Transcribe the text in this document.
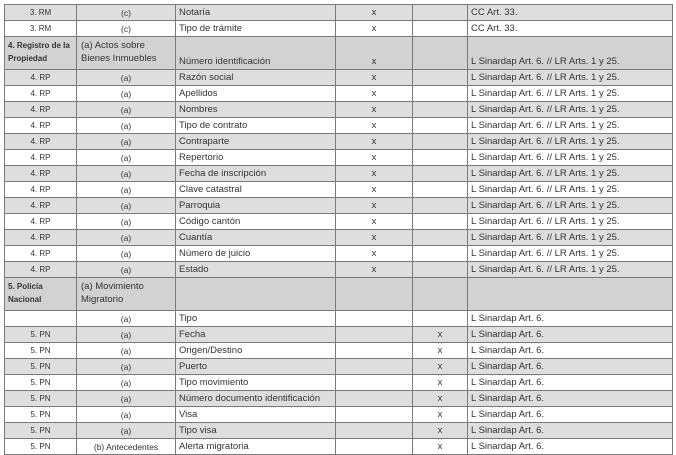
3. RM	(c)	Notaría	x		CC Art. 33.
3. RM	(c)	Tipo de trámite	x		CC Art. 33.
4. Registro de la Propiedad	(a) Actos sobre Bienes Inmuebles	Número identificación	x		L Sinardap Art. 6. // LR Arts. 1 y 25.
4. RP	(a)	Razón social	x		L Sinardap Art. 6. // LR Arts. 1 y 25.
4. RP	(a)	Apellidos	x		L Sinardap Art. 6. // LR Arts. 1 y 25.
4. RP	(a)	Nombres	x		L Sinardap Art. 6. // LR Arts. 1 y 25.
4. RP	(a)	Tipo de contrato	x		L Sinardap Art. 6. // LR Arts. 1 y 25.
4. RP	(a)	Contraparte	x		L Sinardap Art. 6. // LR Arts. 1 y 25.
4. RP	(a)	Repertorio	x		L Sinardap Art. 6. // LR Arts. 1 y 25.
4. RP	(a)	Fecha de inscripción	x		L Sinardap Art. 6. // LR Arts. 1 y 25.
4. RP	(a)	Clave catastral	x		L Sinardap Art. 6. // LR Arts. 1 y 25.
4. RP	(a)	Parroquia	x		L Sinardap Art. 6. // LR Arts. 1 y 25.
4. RP	(a)	Código cantón	x		L Sinardap Art. 6. // LR Arts. 1 y 25.
4. RP	(a)	Cuantía	x		L Sinardap Art. 6. // LR Arts. 1 y 25.
4. RP	(a)	Número de juicio	x		L Sinardap Art. 6. // LR Arts. 1 y 25.
4. RP	(a)	Estado	x		L Sinardap Art. 6. // LR Arts. 1 y 25.
5. Policía Nacional	(a) Movimiento Migratorio				
	(a)	Tipo			L Sinardap Art. 6.
5. PN	(a)	Fecha		x	L Sinardap Art. 6.
5. PN	(a)	Origen/Destino		x	L Sinardap Art. 6.
5. PN	(a)	Puerto		x	L Sinardap Art. 6.
5. PN	(a)	Tipo movimiento		x	L Sinardap Art. 6.
5. PN	(a)	Número documento identificación		x	L Sinardap Art. 6.
5. PN	(a)	Visa		x	L Sinardap Art. 6.
5. PN	(a)	Tipo visa		x	L Sinardap Art. 6.
5. PN	(b) Antecedentes	Alerta migratoria		x	L Sinardap Art. 6.
